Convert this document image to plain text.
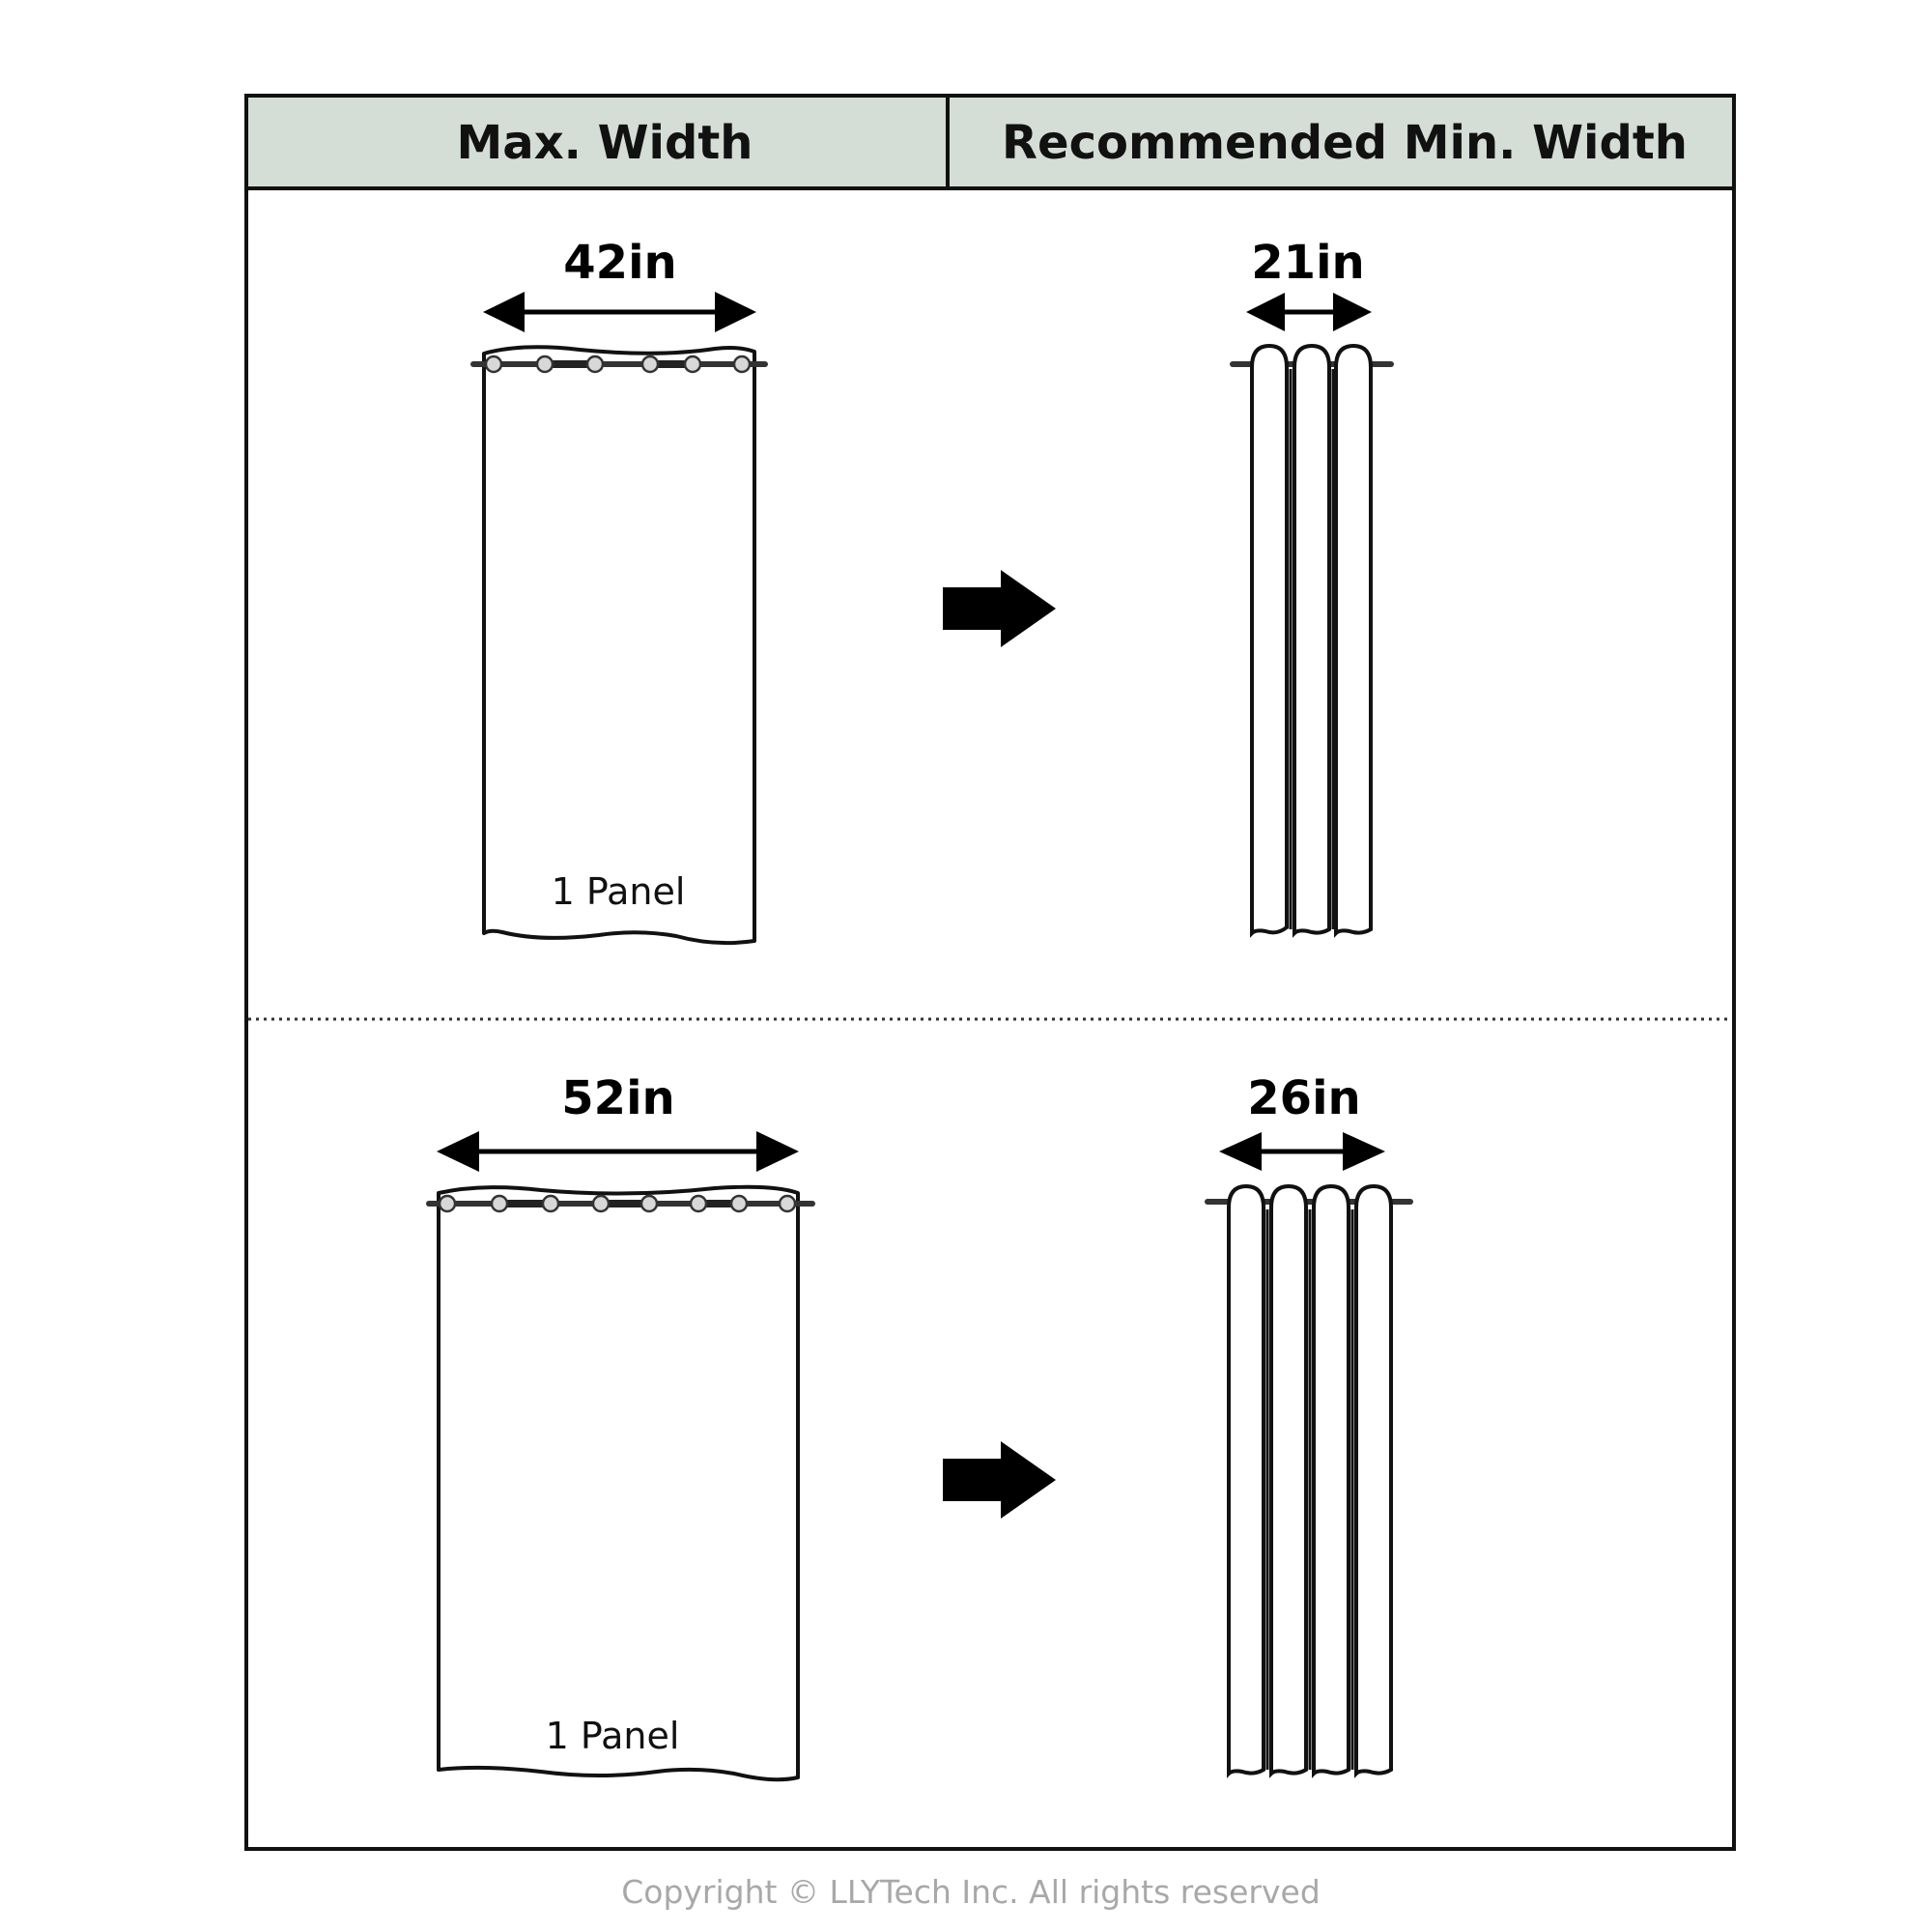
Max. Width	Recommended Min. Width
42in
1 Panel
21in
52in
1 Panel
26in
Copyright © LLYTech Inc. All rights reserved
